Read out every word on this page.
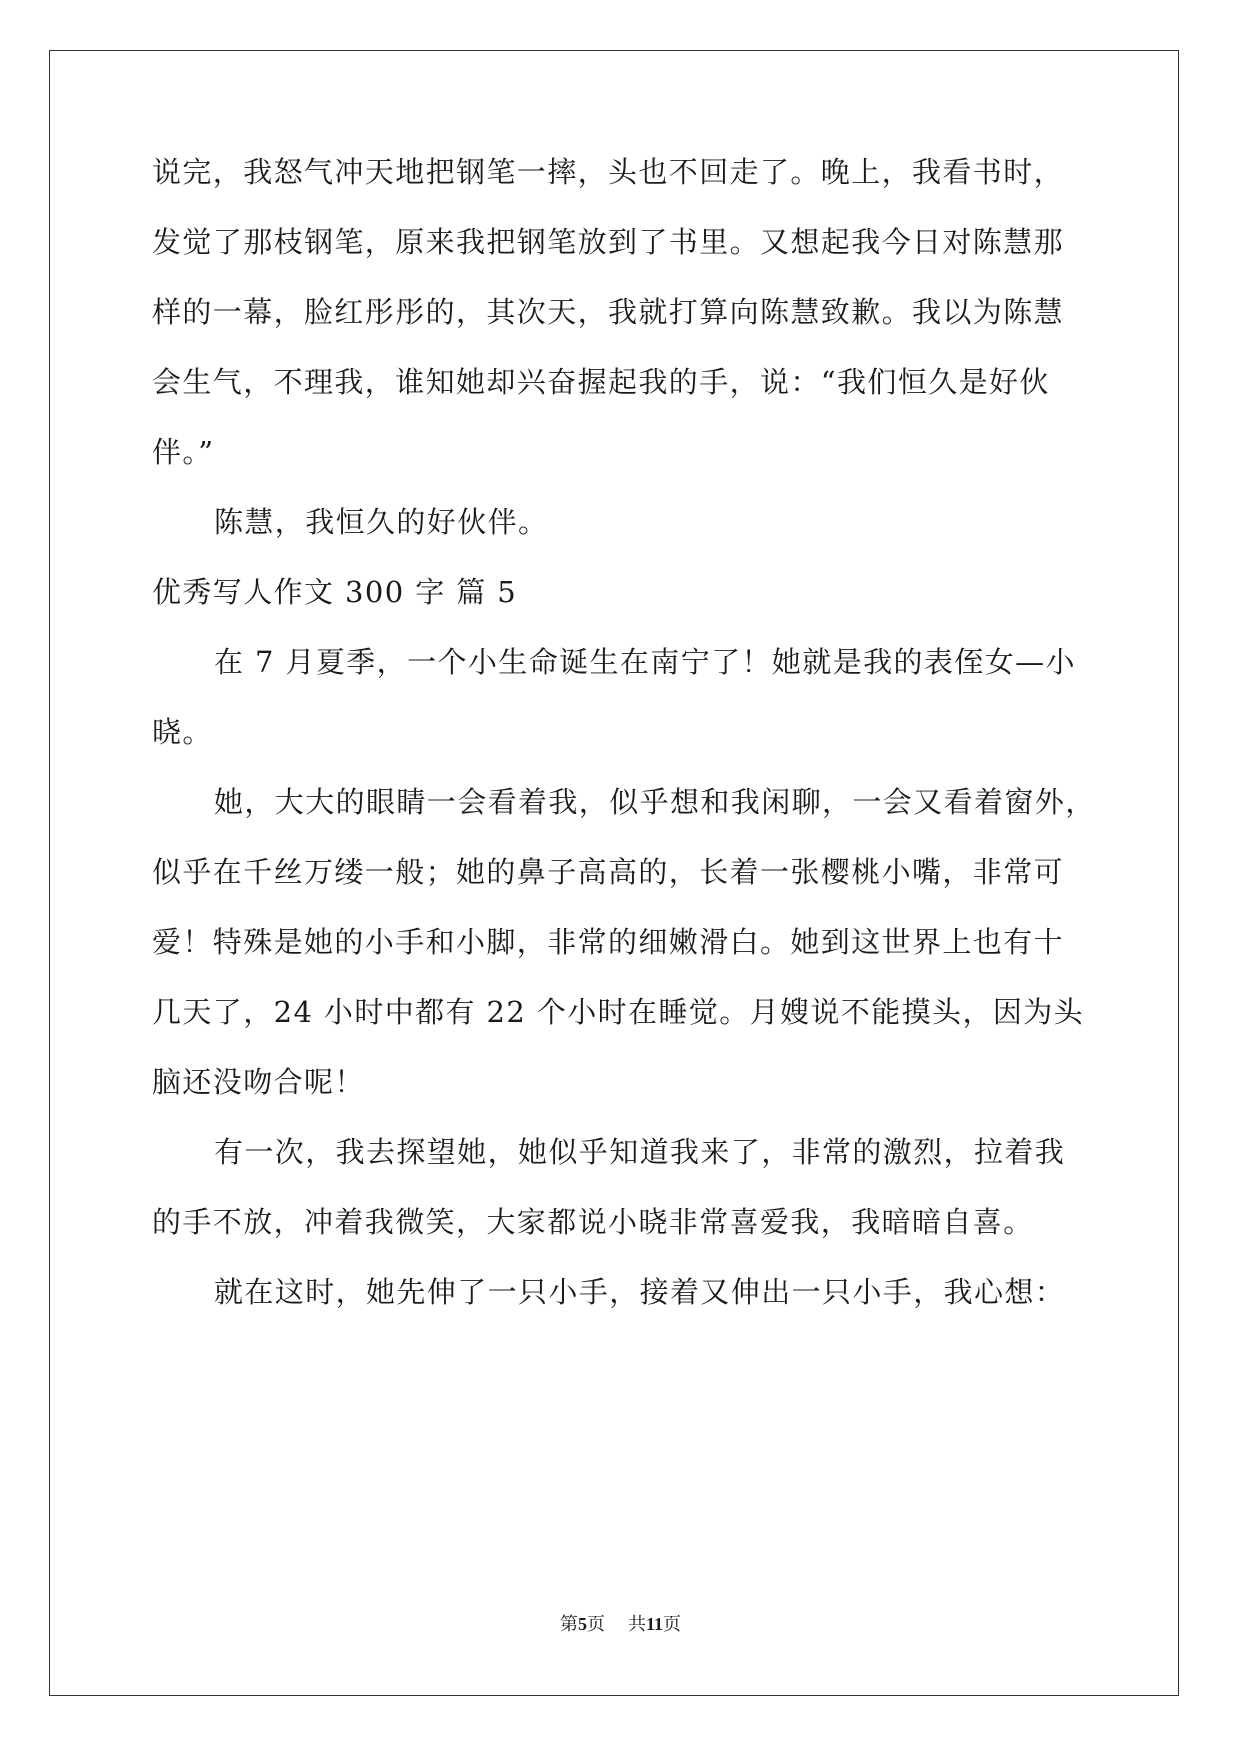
说完，我怒气冲天地把钢笔一摔，头也不回走了。晚上，我看书时，
发觉了那枝钢笔，原来我把钢笔放到了书里。又想起我今日对陈慧那
样的一幕，脸红彤彤的，其次天，我就打算向陈慧致歉。我以为陈慧
会生气，不理我，谁知她却兴奋握起我的手，说：“我们恒久是好伙
伴。”
陈慧，我恒久的好伙伴。
优秀写人作文 300 字 篇 5
在 7 月夏季，一个小生命诞生在南宁了！她就是我的表侄女—小
晓。
她，大大的眼睛一会看着我，似乎想和我闲聊，一会又看着窗外，
似乎在千丝万缕一般；她的鼻子高高的，长着一张樱桃小嘴，非常可
爱！特殊是她的小手和小脚，非常的细嫩滑白。她到这世界上也有十
几天了，24 小时中都有 22 个小时在睡觉。月嫂说不能摸头，因为头
脑还没吻合呢！
有一次，我去探望她，她似乎知道我来了，非常的激烈，拉着我
的手不放，冲着我微笑，大家都说小晓非常喜爱我，我暗暗自喜。
就在这时，她先伸了一只小手，接着又伸出一只小手，我心想：
第5页 共11页
